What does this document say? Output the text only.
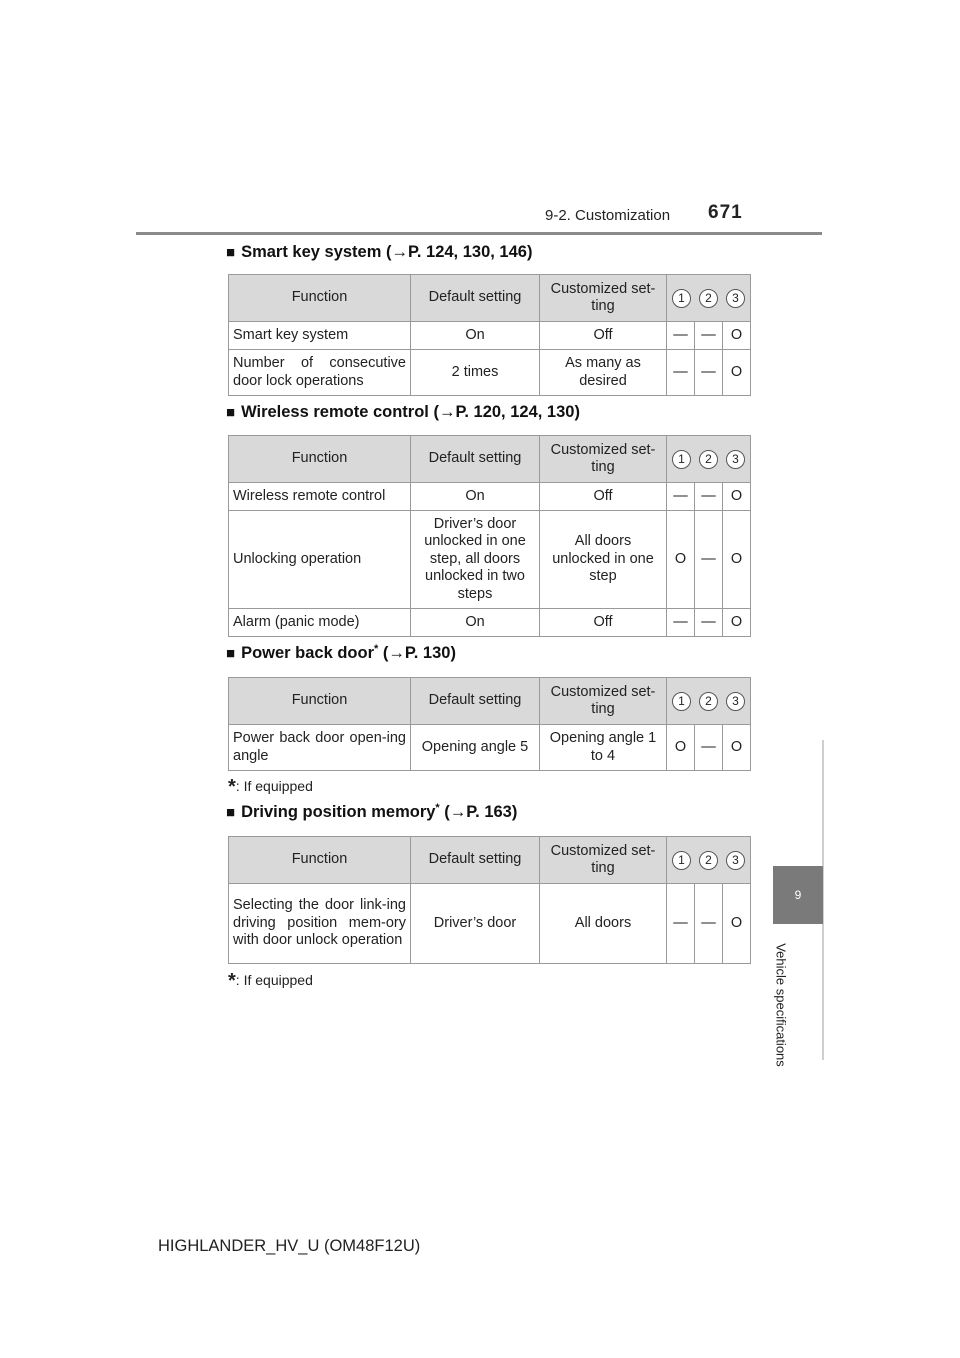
9-2. Customization 671
9
Vehicle specifications
■ Smart key system (→P. 124, 130, 146)
Function	Default setting	Customized set-ting	1 2 3		
Smart key system	On	Off	—	—	O
Number of consecutive door lock operations	2 times	As many as desired	—	—	O
■ Wireless remote control (→P. 120, 124, 130)
Function	Default setting	Customized set-ting	1 2 3		
Wireless remote control	On	Off	—	—	O
Unlocking operation	Driver’s door unlocked in one step, all doors unlocked in two steps	All doors unlocked in one step	O	—	O
Alarm (panic mode)	On	Off	—	—	O
■ Power back door* (→P. 130)
Function	Default setting	Customized set-ting	1 2 3		
Power back door open-ing angle	Opening angle 5	Opening angle 1 to 4	O	—	O
*: If equipped
■ Driving position memory* (→P. 163)
Function	Default setting	Customized set-ting	1 2 3		
Selecting the door link-ing driving position mem-ory with door unlock operation	Driver’s door	All doors	—	—	O
*: If equipped
HIGHLANDER_HV_U (OM48F12U)
